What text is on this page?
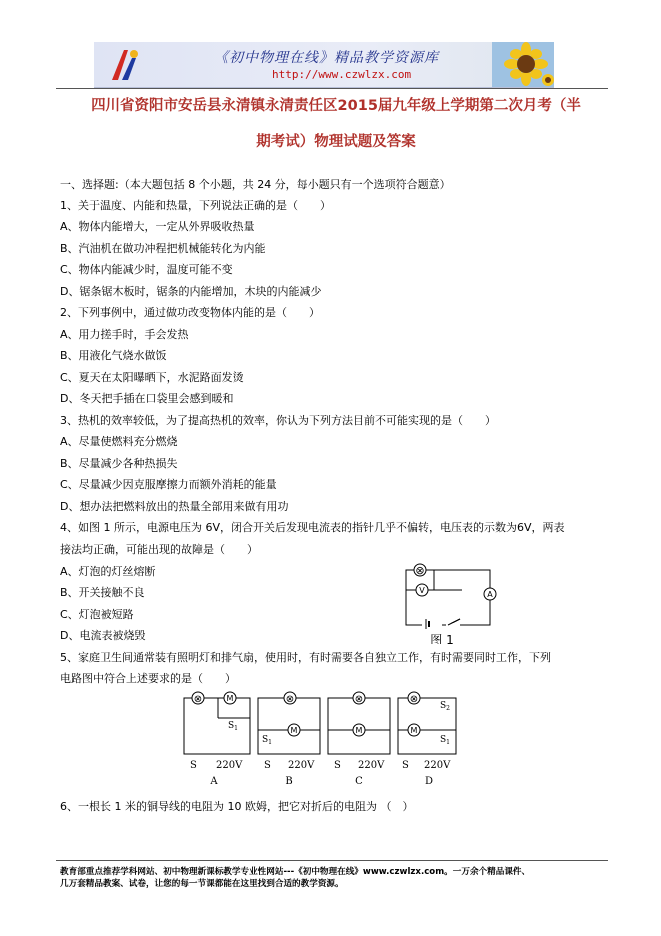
《初中物理在线》精品教学资源库
http://www.czwlzx.com
四川省资阳市安岳县永清镇永清责任区2015届九年级上学期第二次月考（半
期考试）物理试题及答案
一、选择题:（本大题包括 8 个小题，共 24 分，每小题只有一个选项符合题意）
1、关于温度、内能和热量，下列说法正确的是（　　）
A、物体内能增大，一定从外界吸收热量
B、汽油机在做功冲程把机械能转化为内能
C、物体内能减少时，温度可能不变
D、锯条锯木板时，锯条的内能增加，木块的内能减少
2、下列事例中，通过做功改变物体内能的是（　　）
A、用力搓手时，手会发热
B、用液化气烧水做饭
C、夏天在太阳曝晒下，水泥路面发烫
D、冬天把手插在口袋里会感到暖和
3、热机的效率较低，为了提高热机的效率，你认为下列方法目前不可能实现的是（　　）
A、尽量使燃料充分燃烧
B、尽量减少各种热损失
C、尽量减少因克服摩擦力而额外消耗的能量
D、想办法把燃料放出的热量全部用来做有用功
4、如图 1 所示，电源电压为 6V，闭合开关后发现电流表的指针几乎不偏转，电压表的示数为6V，两表
接法均正确，可能出现的故障是（　　）
A、灯泡的灯丝熔断
B、开关接触不良
C、灯泡被短路
D、电流表被烧毁
5、家庭卫生间通常装有照明灯和排气扇，使用时，有时需要各自独立工作，有时需要同时工作，下列
电路图中符合上述要求的是（　　）
6、一根长 1 米的铜导线的电阻为 10 欧姆，把它对折后的电阻为 （　）
⊗
V	A
图 1
⊗	M
$S_1$
S 220V
A
⊗
M
$S_1$
S 220V
B
⊗
M
S 220V
C
⊗
M
$S_2$
$S_1$
S 220V
D
教育部重点推荐学科网站、初中物理新课标教学专业性网站---《初中物理在线》www.czwlzx.com。一万余个精品课件、
几万套精品教案、试卷，让您的每一节课都能在这里找到合适的教学资源。
